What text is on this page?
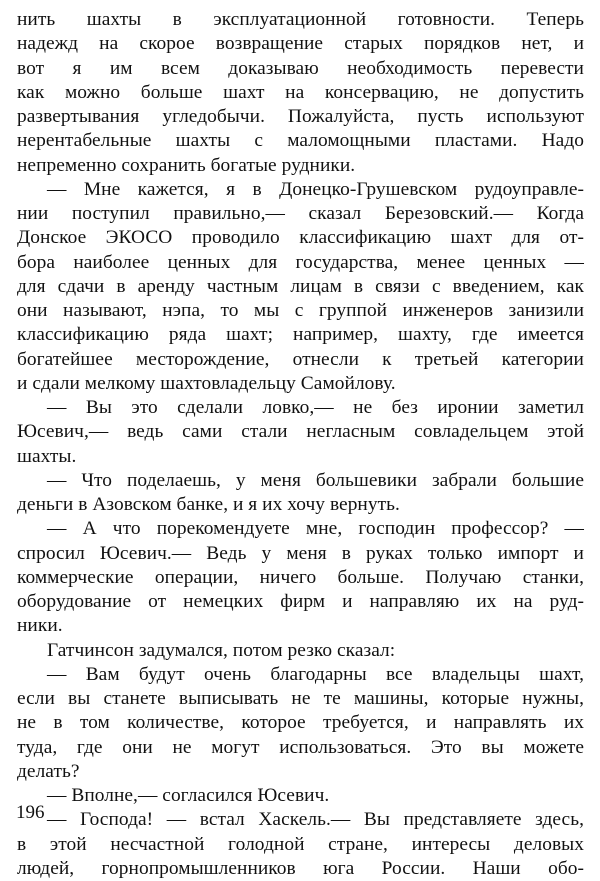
нить шахты в эксплуатационной готовности. Теперь
надежд на скорое возвращение старых порядков нет, и
вот я им всем доказываю необходимость перевести
как можно больше шахт на консервацию, не допустить
развертывания угледобычи. Пожалуйста, пусть используют
нерентабельные шахты с маломощными пластами. Надо
непременно сохранить богатые рудники.
— Мне кажется, я в Донецко-Грушевском рудоуправле-
нии поступил правильно,— сказал Березовский.— Когда
Донское ЭКОСО проводило классификацию шахт для от-
бора наиболее ценных для государства, менее ценных —
для сдачи в аренду частным лицам в связи с введением, как
они называют, нэпа, то мы с группой инженеров занизили
классификацию ряда шахт; например, шахту, где имеется
богатейшее месторождение, отнесли к третьей категории
и сдали мелкому шахтовладельцу Самойлову.
— Вы это сделали ловко,— не без иронии заметил
Юсевич,— ведь сами стали негласным совладельцем этой
шахты.
— Что поделаешь, у меня большевики забрали большие
деньги в Азовском банке, и я их хочу вернуть.
— А что порекомендуете мне, господин профессор? —
спросил Юсевич.— Ведь у меня в руках только импорт и
коммерческие операции, ничего больше. Получаю станки,
оборудование от немецких фирм и направляю их на руд-
ники.
Гатчинсон задумался, потом резко сказал:
— Вам будут очень благодарны все владельцы шахт,
если вы станете выписывать не те машины, которые нужны,
не в том количестве, которое требуется, и направлять их
туда, где они не могут использоваться. Это вы можете
делать?
— Вполне,— согласился Юсевич.
— Господа! — встал Хаскель.— Вы представляете здесь,
в этой несчастной голодной стране, интересы деловых
людей, горнопромышленников юга России. Наши обо-
196
